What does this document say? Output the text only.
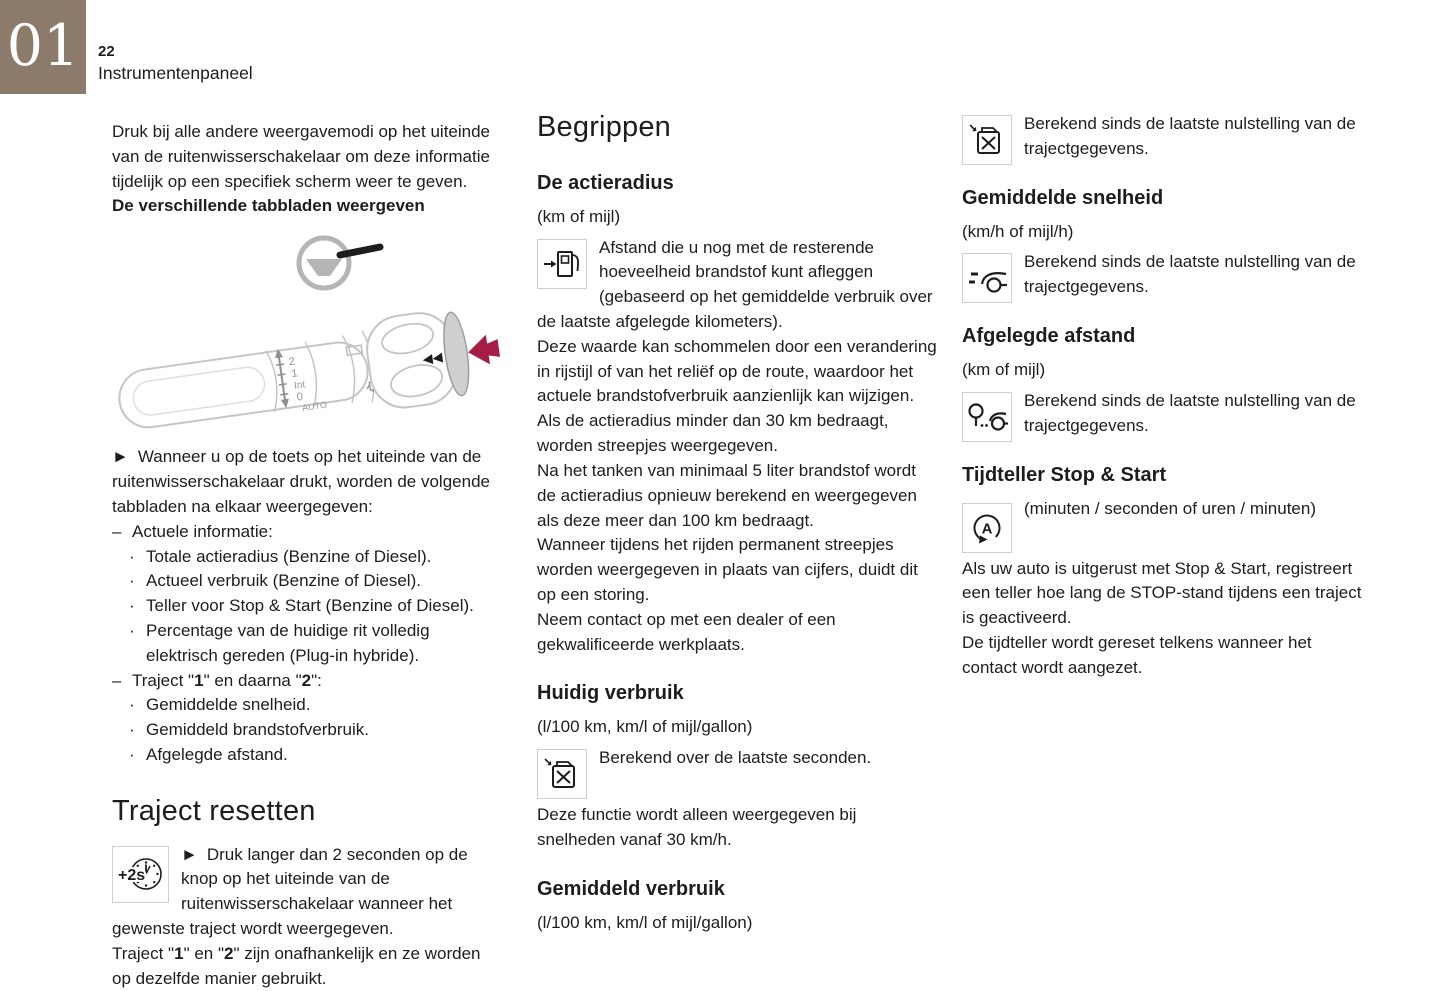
01 22
Instrumentenpaneel

Druk bij alle andere weergavemodi op het uiteinde van de ruitenwisserschakelaar om deze informatie tijdelijk op een specifiek scherm weer te geven.

De verschillende tabbladen weergeven

2
1
Int
0
AUTO
◀◀

► Wanneer u op de toets op het uiteinde van de ruitenwisserschakelaar drukt, worden de volgende tabbladen na elkaar weergegeven:

– Actuele informatie:
· Totale actieradius (Benzine of Diesel).
· Actueel verbruik (Benzine of Diesel).
· Teller voor Stop & Start (Benzine of Diesel).
· Percentage van de huidige rit volledig elektrisch gereden (Plug-in hybride).
– Traject "1" en daarna "2":
· Gemiddelde snelheid.
· Gemiddeld brandstofverbruik.
· Afgelegde afstand.
Traject resetten
+2s

► Druk langer dan 2 seconden op de knop op het uiteinde van de ruitenwisserschakelaar wanneer het gewenste traject wordt weergegeven.

Traject "1" en "2" zijn onafhankelijk en ze worden op dezelfde manier gebruikt.

Begrippen
De actieradius

(km of mijl)

Afstand die u nog met de resterende hoeveelheid brandstof kunt afleggen (gebaseerd op het gemiddelde verbruik over de laatste afgelegde kilometers).

Deze waarde kan schommelen door een verandering in rijstijl of van het reliëf op de route, waardoor het actuele brandstofverbruik aanzienlijk kan wijzigen.

Als de actieradius minder dan 30 km bedraagt, worden streepjes weergegeven.

Na het tanken van minimaal 5 liter brandstof wordt de actieradius opnieuw berekend en weergegeven als deze meer dan 100 km bedraagt.

Wanneer tijdens het rijden permanent streepjes worden weergegeven in plaats van cijfers, duidt dit op een storing.

Neem contact op met een dealer of een gekwalificeerde werkplaats.

Huidig verbruik

(l/100 km, km/l of mijl/gallon)

Berekend over de laatste seconden.

Deze functie wordt alleen weergegeven bij snelheden vanaf 30 km/h.

Gemiddeld verbruik

(l/100 km, km/l of mijl/gallon)

Berekend sinds de laatste nulstelling van de trajectgegevens.

Gemiddelde snelheid

(km/h of mijl/h)

Berekend sinds de laatste nulstelling van de trajectgegevens.

Afgelegde afstand

(km of mijl)

Berekend sinds de laatste nulstelling van de trajectgegevens.

Tijdteller Stop & Start
A

(minuten / seconden of uren / minuten)

Als uw auto is uitgerust met Stop & Start, registreert een teller hoe lang de STOP-stand tijdens een traject is geactiveerd.

De tijdteller wordt gereset telkens wanneer het contact wordt aangezet.
